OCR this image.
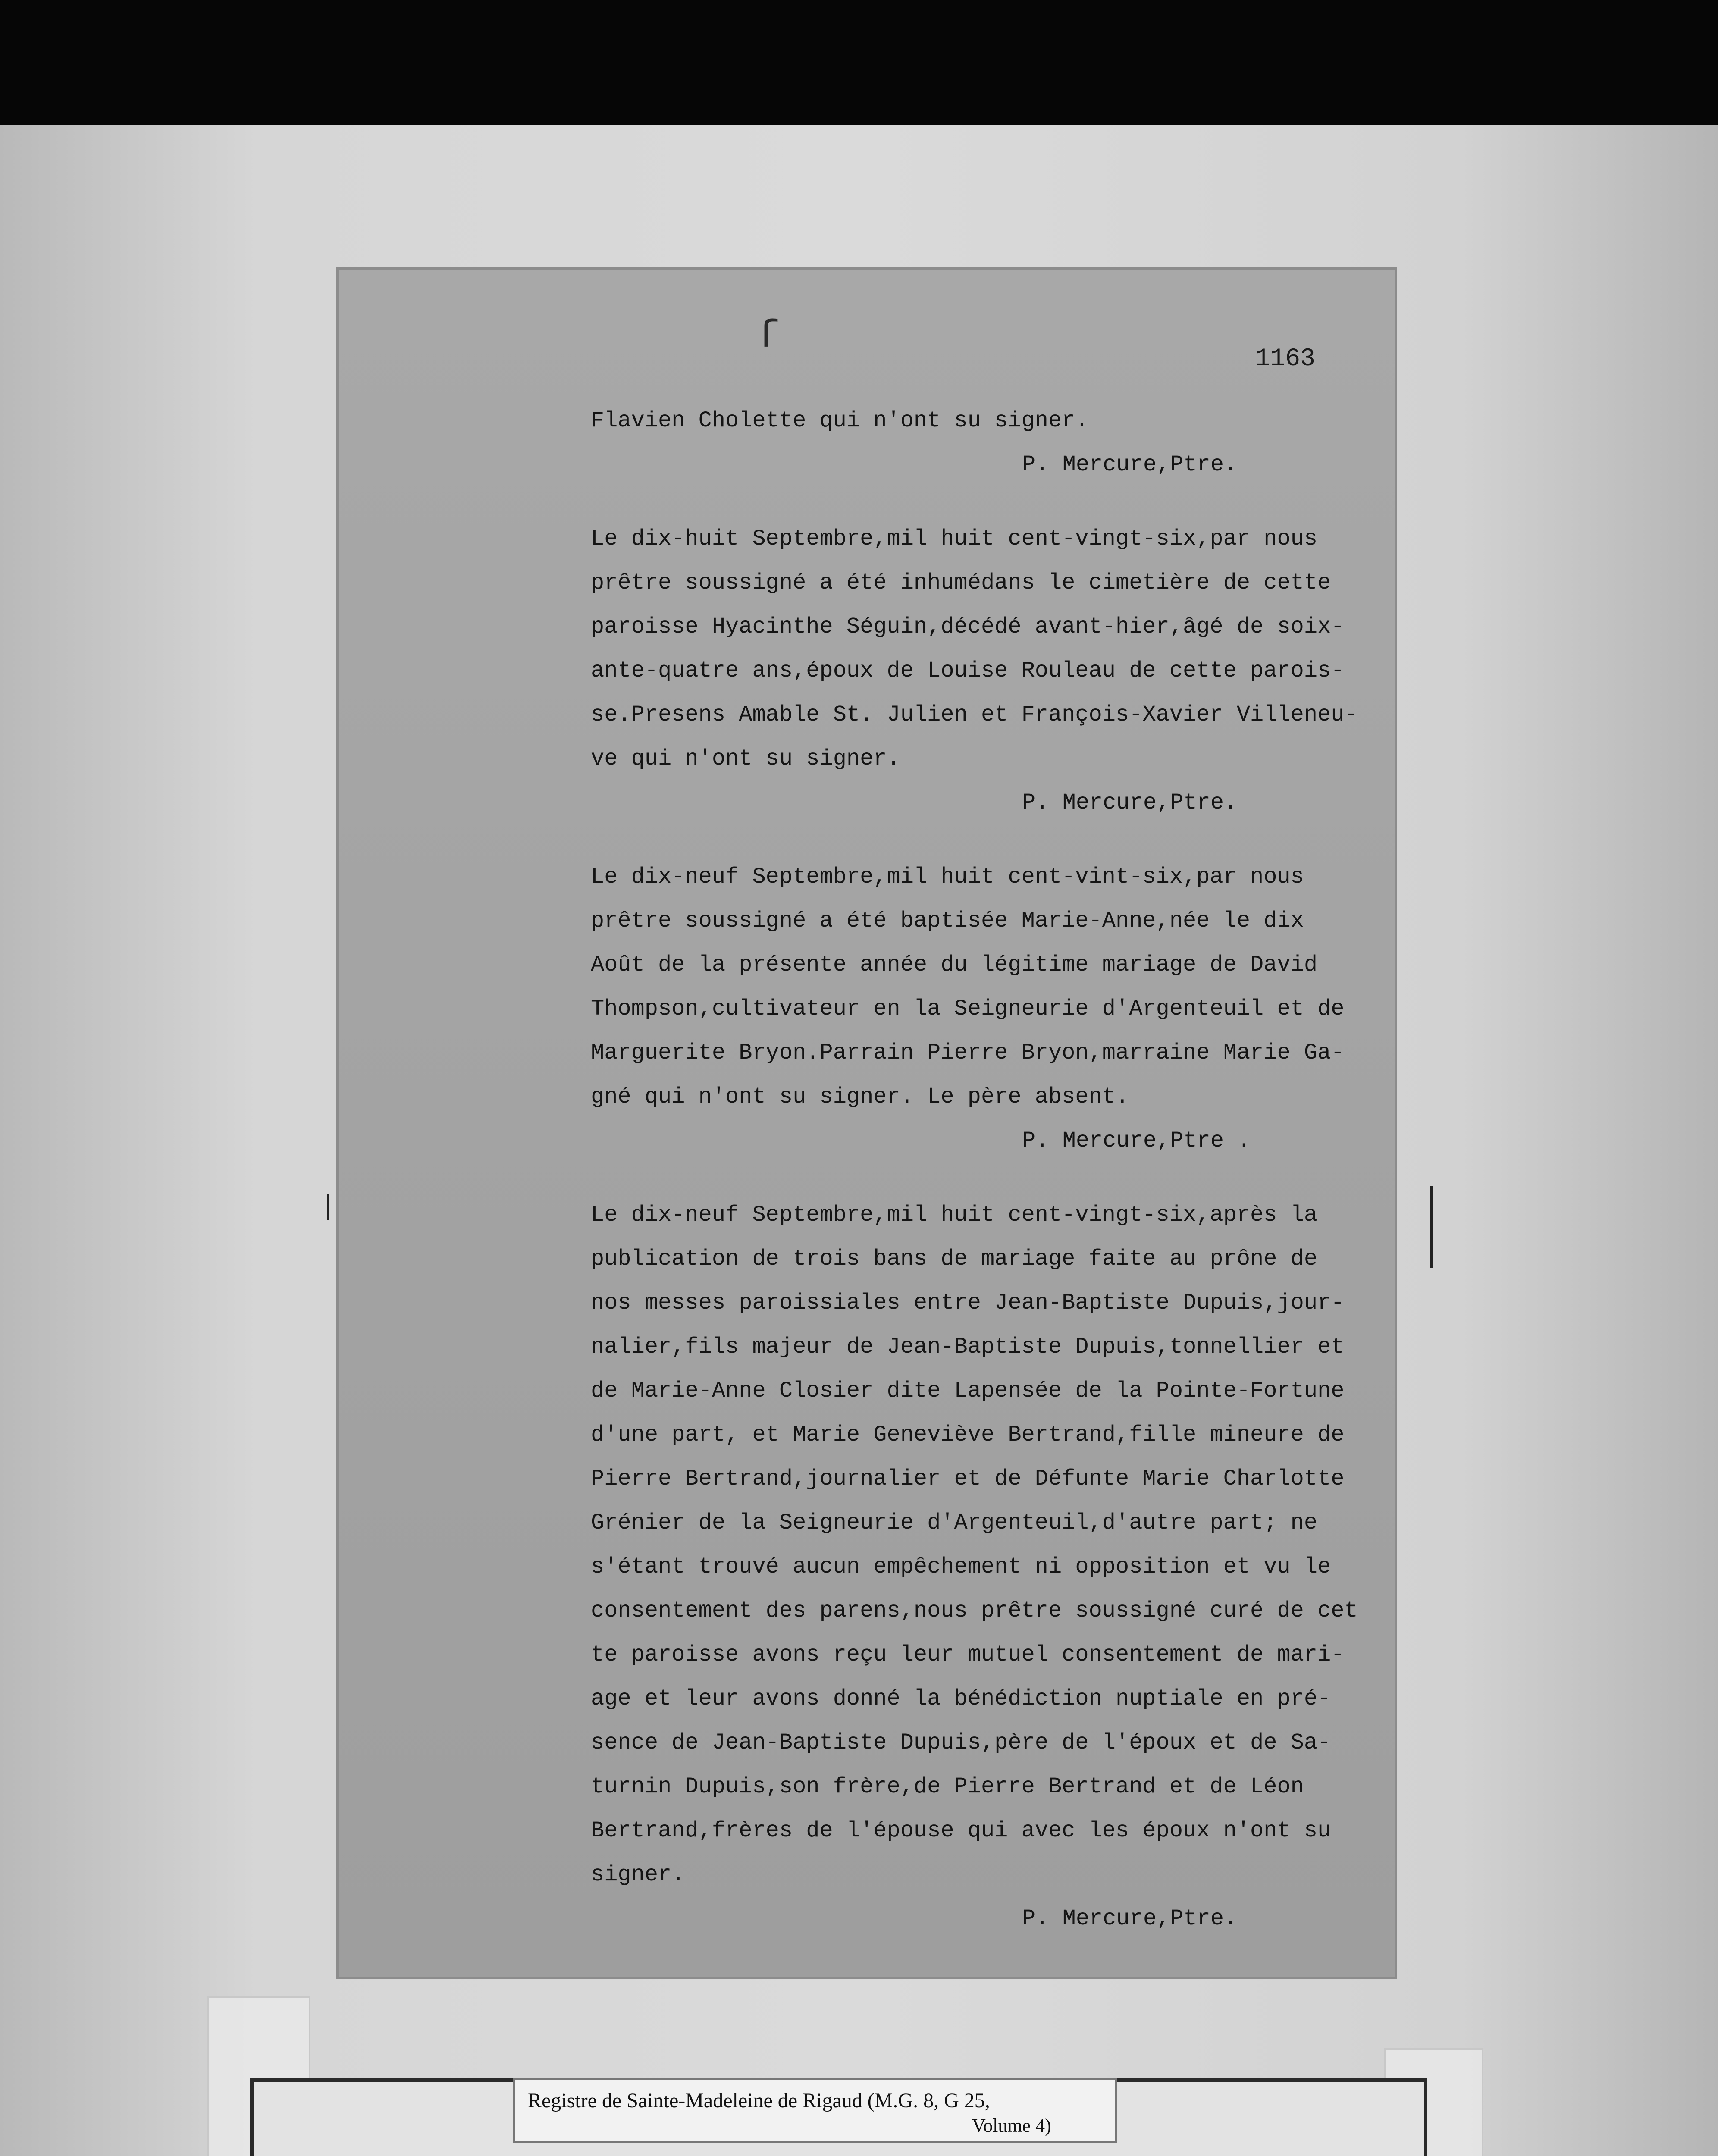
ſ

1163

Flavien Cholette qui n'ont su signer.
P. Mercure,Ptre.
Le dix-huit Septembre,mil huit cent-vingt-six,par nous
prêtre soussigné a été inhumédans le cimetière de cette
paroisse Hyacinthe Séguin,décédé avant-hier,âgé de soix-
ante-quatre ans,époux de Louise Rouleau de cette parois-
se.Presens Amable St. Julien et François-Xavier Villeneu-
ve qui n'ont su signer.
P. Mercure,Ptre.
Le dix-neuf Septembre,mil huit cent-vint-six,par nous
prêtre soussigné a été baptisée Marie-Anne,née le dix
Août de la présente année du légitime mariage de David
Thompson,cultivateur en la Seigneurie d'Argenteuil et de
Marguerite Bryon.Parrain Pierre Bryon,marraine Marie Ga-
gné qui n'ont su signer. Le père absent.
P. Mercure,Ptre .
Le dix-neuf Septembre,mil huit cent-vingt-six,après la
publication de trois bans de mariage faite au prône de
nos messes paroissiales entre Jean-Baptiste Dupuis,jour-
nalier,fils majeur de Jean-Baptiste Dupuis,tonnellier et
de Marie-Anne Closier dite Lapensée de la Pointe-Fortune
d'une part, et Marie Geneviève Bertrand,fille mineure de
Pierre Bertrand,journalier et de Défunte Marie Charlotte
Grénier de la Seigneurie d'Argenteuil,d'autre part; ne
s'étant trouvé aucun empêchement ni opposition et vu le
consentement des parens,nous prêtre soussigné curé de cet
te paroisse avons reçu leur mutuel consentement de mari-
age et leur avons donné la bénédiction nuptiale en pré-
sence de Jean-Baptiste Dupuis,père de l'époux et de Sa-
turnin Dupuis,son frère,de Pierre Bertrand et de Léon
Bertrand,frères de l'épouse qui avec les époux n'ont su
signer.
P. Mercure,Ptre.
Registre de Sainte-Madeleine de Rigaud (M.G. 8, G 25,
Volume 4)
